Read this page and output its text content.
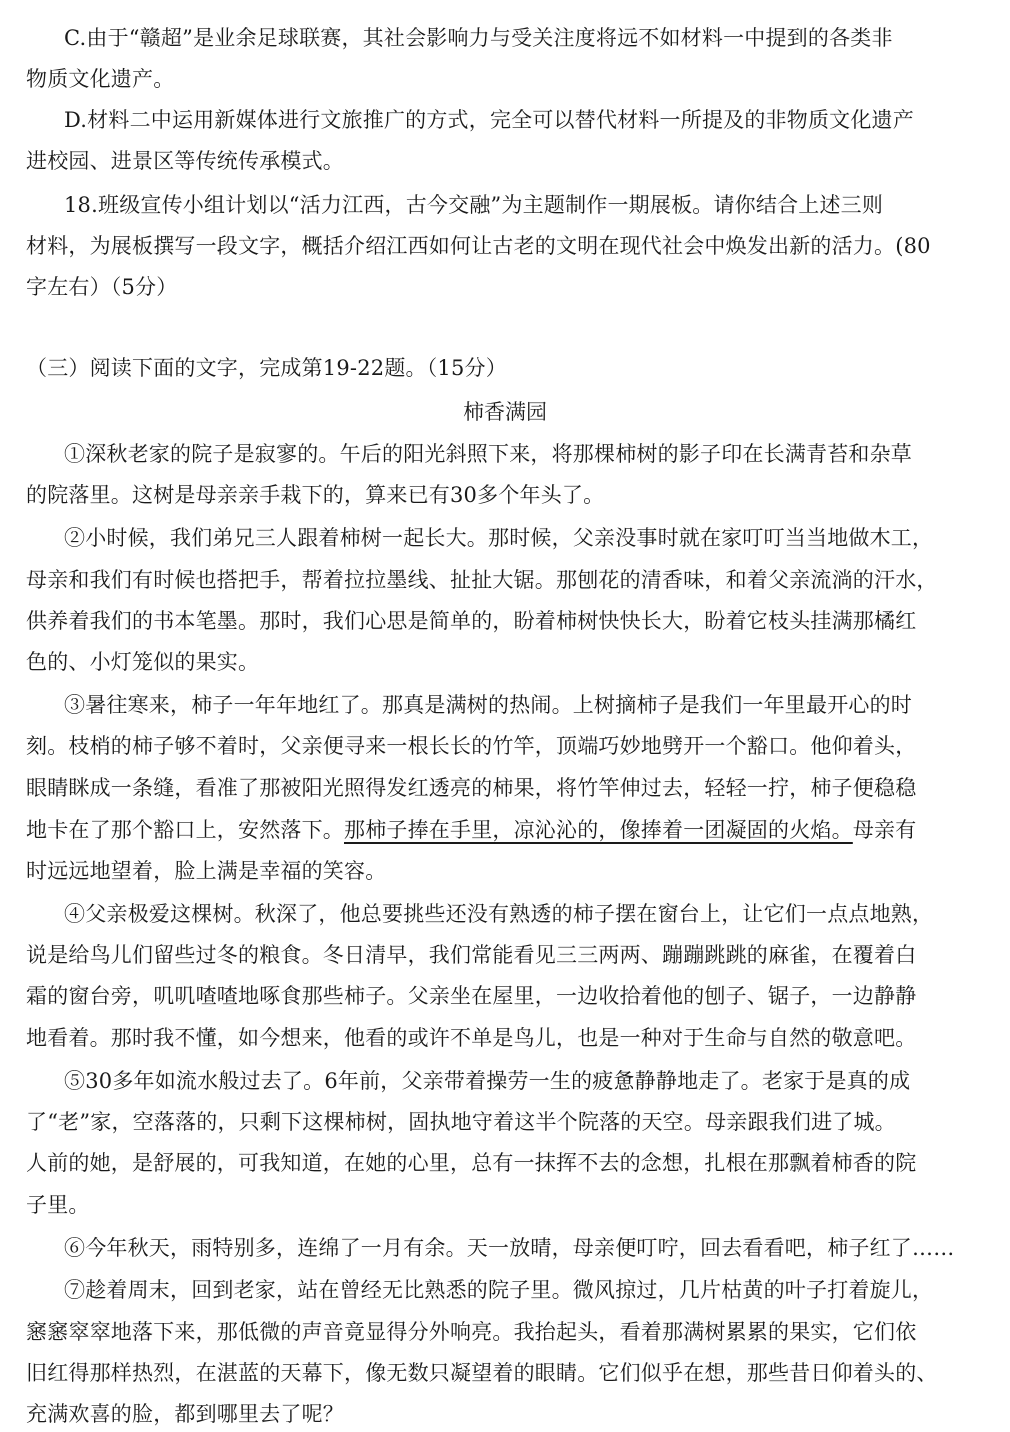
C.由于“赣超”是业余足球联赛，其社会影响力与受关注度将远不如材料一中提到的各类非
物质文化遗产。
D.材料二中运用新媒体进行文旅推广的方式，完全可以替代材料一所提及的非物质文化遗产
进校园、进景区等传统传承模式。
18.班级宣传小组计划以“活力江西，古今交融”为主题制作一期展板。请你结合上述三则
材料，为展板撰写一段文字，概括介绍江西如何让古老的文明在现代社会中焕发出新的活力。(80
字左右）（5分）
（三）阅读下面的文字，完成第19-22题。（15分）
柿香满园
①深秋老家的院子是寂寥的。午后的阳光斜照下来，将那棵柿树的影子印在长满青苔和杂草
的院落里。这树是母亲亲手栽下的，算来已有30多个年头了。
②小时候，我们弟兄三人跟着柿树一起长大。那时候，父亲没事时就在家叮叮当当地做木工，
母亲和我们有时候也搭把手，帮着拉拉墨线、扯扯大锯。那刨花的清香味，和着父亲流淌的汗水，
供养着我们的书本笔墨。那时，我们心思是简单的，盼着柿树快快长大，盼着它枝头挂满那橘红
色的、小灯笼似的果实。
③暑往寒来，柿子一年年地红了。那真是满树的热闹。上树摘柿子是我们一年里最开心的时
刻。枝梢的柿子够不着时，父亲便寻来一根长长的竹竿，顶端巧妙地劈开一个豁口。他仰着头，
眼睛眯成一条缝，看准了那被阳光照得发红透亮的柿果，将竹竿伸过去，轻轻一拧，柿子便稳稳
地卡在了那个豁口上，安然落下。那柿子捧在手里，凉沁沁的，像捧着一团凝固的火焰。母亲有
时远远地望着，脸上满是幸福的笑容。
④父亲极爱这棵树。秋深了，他总要挑些还没有熟透的柿子摆在窗台上，让它们一点点地熟，
说是给鸟儿们留些过冬的粮食。冬日清早，我们常能看见三三两两、蹦蹦跳跳的麻雀，在覆着白
霜的窗台旁，叽叽喳喳地啄食那些柿子。父亲坐在屋里，一边收拾着他的刨子、锯子，一边静静
地看着。那时我不懂，如今想来，他看的或许不单是鸟儿，也是一种对于生命与自然的敬意吧。
⑤30多年如流水般过去了。6年前，父亲带着操劳一生的疲惫静静地走了。老家于是真的成
了“老”家，空落落的，只剩下这棵柿树，固执地守着这半个院落的天空。母亲跟我们进了城。
人前的她，是舒展的，可我知道，在她的心里，总有一抹挥不去的念想，扎根在那飘着柿香的院
子里。
⑥今年秋天，雨特别多，连绵了一月有余。天一放晴，母亲便叮咛，回去看看吧，柿子红了……
⑦趁着周末，回到老家，站在曾经无比熟悉的院子里。微风掠过，几片枯黄的叶子打着旋儿，
窸窸窣窣地落下来，那低微的声音竟显得分外响亮。我抬起头，看着那满树累累的果实，它们依
旧红得那样热烈，在湛蓝的天幕下，像无数只凝望着的眼睛。它们似乎在想，那些昔日仰着头的、
充满欢喜的脸，都到哪里去了呢？
